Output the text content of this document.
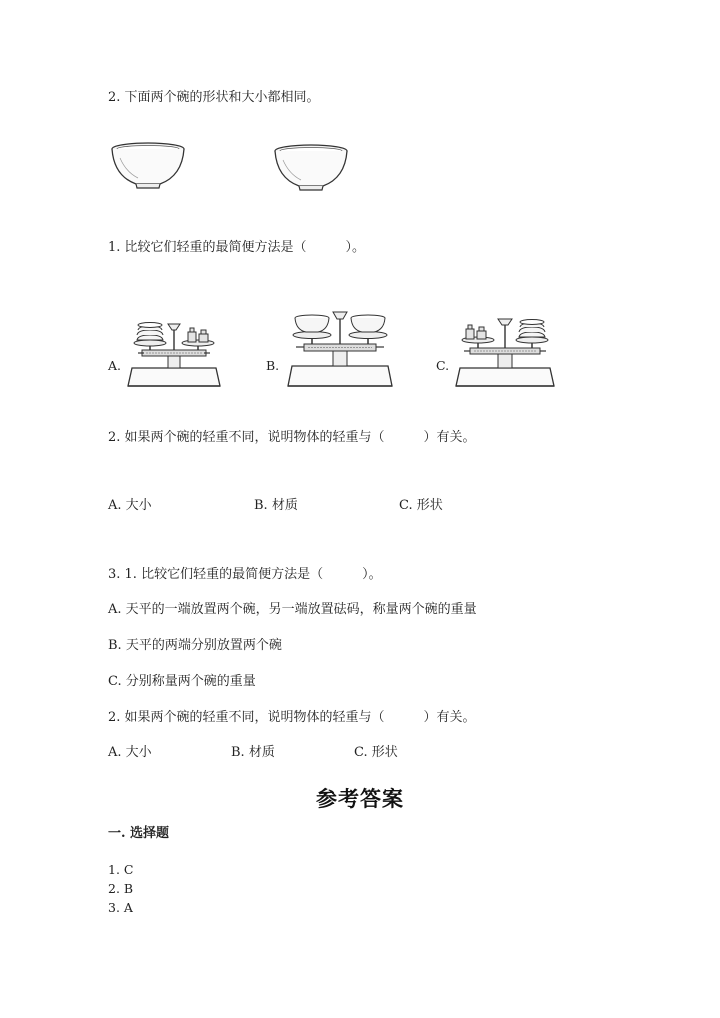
2. 下面两个碗的形状和大小都相同。
1. 比较它们轻重的最简便方法是（　　　）。
A.	B.	C.
2. 如果两个碗的轻重不同，说明物体的轻重与（　　　）有关。
A. 大小	B. 材质	C. 形状
3. 1. 比较它们轻重的最简便方法是（　　　）。
A. 天平的一端放置两个碗，另一端放置砝码，称量两个碗的重量
B. 天平的两端分别放置两个碗
C. 分别称量两个碗的重量
2. 如果两个碗的轻重不同，说明物体的轻重与（　　　）有关。
A. 大小	B. 材质	C. 形状
参考答案
一. 选择题
1. C
2. B
3. A
